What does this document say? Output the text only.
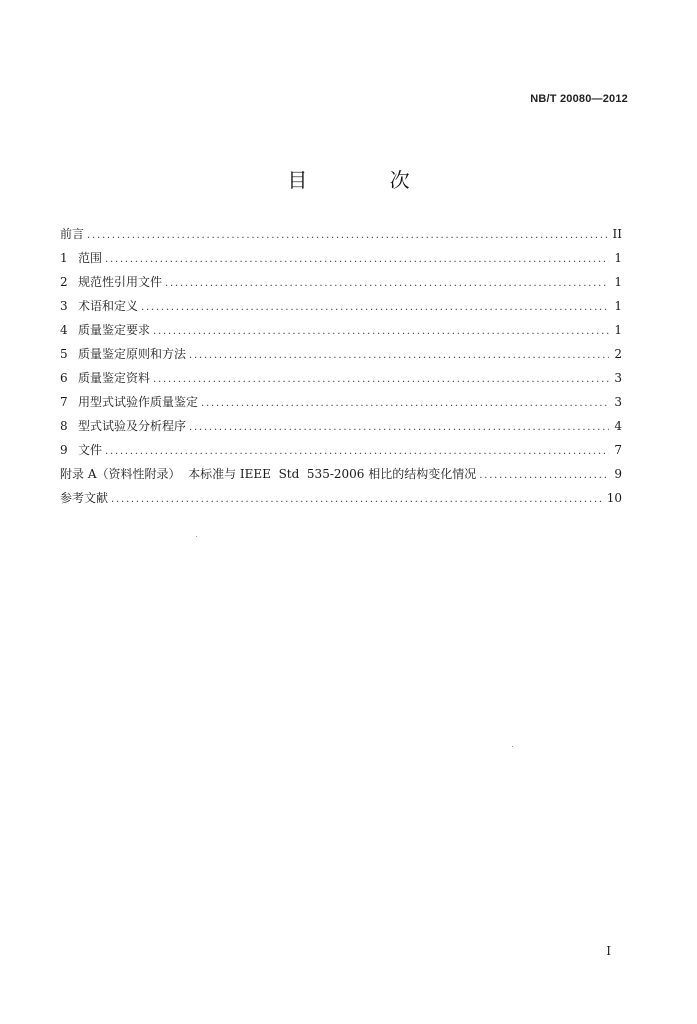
NB/T 20080—2012
目 次
前言 .....	II
1 范围 .....	1
2 规范性引用文件 .....	1
3 术语和定义 .....	1
4 质量鉴定要求 .....	1
5 质量鉴定原则和方法 .....	2
6 质量鉴定资料 .....	3
7 用型式试验作质量鉴定 .....	3
8 型式试验及分析程序 .....	4
9 文件 .....	7
附录 A（资料性附录）  本标准与 IEEE  Std  535-2006 相比的结构变化情况 .....	9
参考文献 .....	10
I
